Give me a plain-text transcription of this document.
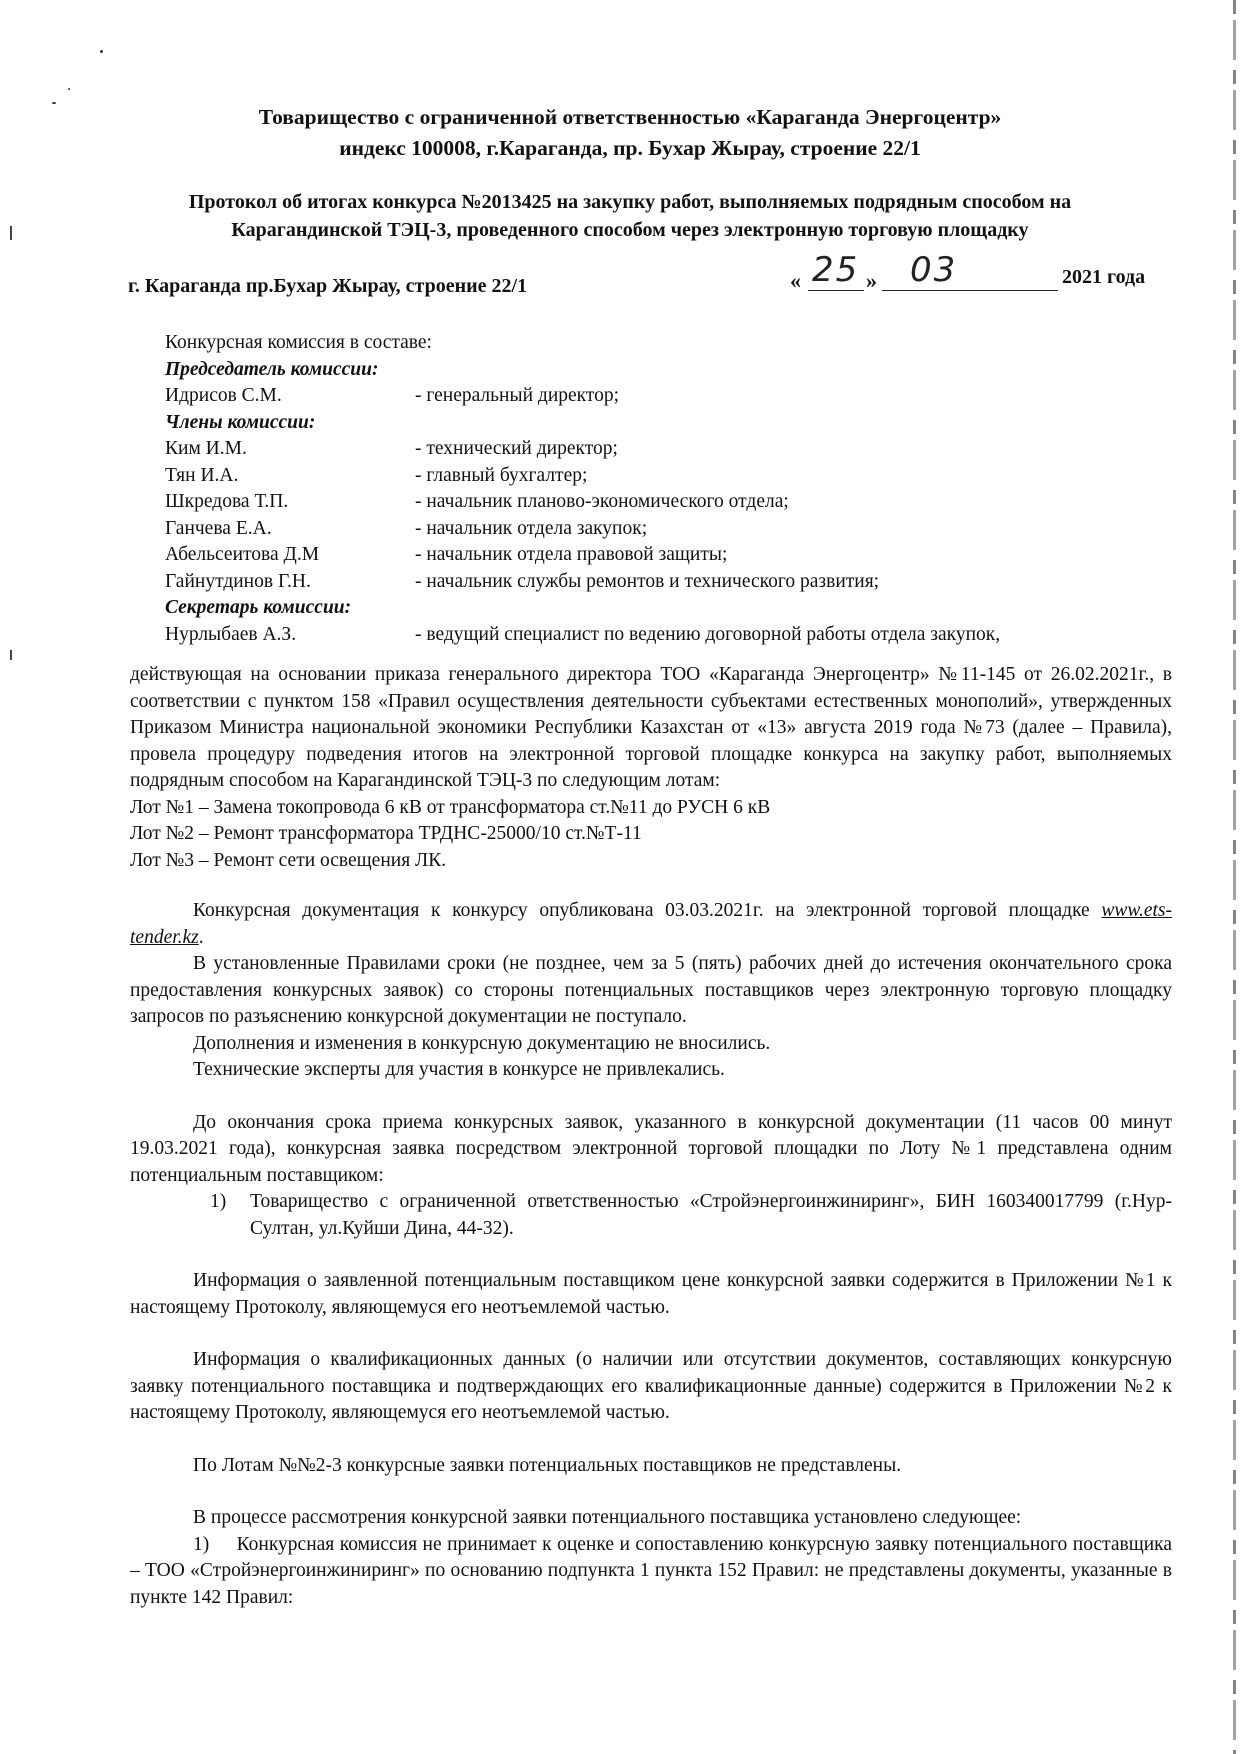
Товарищество с ограниченной ответственностью «Караганда Энергоцентр»
индекс 100008, г.Караганда, пр. Бухар Жырау, строение 22/1
Протокол об итогах конкурса №2013425 на закупку работ, выполняемых подрядным способом на
Карагандинской ТЭЦ-3, проведенного способом через электронную торговую площадку
г. Караганда пр.Бухар Жырау, строение 22/1	« 25 » 03	2021 года
Конкурсная комиссия в составе:
Председатель комиссии:
Идрисов С.М.	- генеральный директор;
Члены комиссии:
Ким И.М.	- технический директор;
Тян И.А.	- главный бухгалтер;
Шкредова Т.П.	- начальник планово-экономического отдела;
Ганчева Е.А.	- начальник отдела закупок;
Абельсеитова Д.М	- начальник отдела правовой защиты;
Гайнутдинов Г.Н.	- начальник службы ремонтов и технического развития;
Секретарь комиссии:
Нурлыбаев А.З.	- ведущий специалист по ведению договорной работы отдела закупок,

действующая на основании приказа генерального директора ТОО «Караганда Энергоцентр» №11-145 от 26.02.2021г., в соответствии с пунктом 158 «Правил осуществления деятельности субъектами естественных монополий», утвержденных Приказом Министра национальной экономики Республики Казахстан от «13» августа 2019 года №73 (далее – Правила), провела процедуру подведения итогов на электронной торговой площадке конкурса на закупку работ, выполняемых подрядным способом на Карагандинской ТЭЦ-3 по следующим лотам:

Лот №1 – Замена токопровода 6 кВ от трансформатора ст.№11 до РУСН 6 кВ
Лот №2 – Ремонт трансформатора ТРДНС-25000/10 ст.№Т-11
Лот №3 – Ремонт сети освещения ЛК.

Конкурсная документация к конкурсу опубликована 03.03.2021г. на электронной торговой площадке www.ets-tender.kz.

В установленные Правилами сроки (не позднее, чем за 5 (пять) рабочих дней до истечения окончательного срока предоставления конкурсных заявок) со стороны потенциальных поставщиков через электронную торговую площадку запросов по разъяснению конкурсной документации не поступало.

Дополнения и изменения в конкурсную документацию не вносились.

Технические эксперты для участия в конкурсе не привлекались.

До окончания срока приема конкурсных заявок, указанного в конкурсной документации (11 часов 00 минут 19.03.2021 года), конкурсная заявка посредством электронной торговой площадки по Лоту №1 представлена одним потенциальным поставщиком:

1)	Товарищество с ограниченной ответственностью «Стройэнергоинжиниринг», БИН 160340017799 (г.Нур-Султан, ул.Куйши Дина, 44-32).

Информация о заявленной потенциальным поставщиком цене конкурсной заявки содержится в Приложении №1 к настоящему Протоколу, являющемуся его неотъемлемой частью.

Информация о квалификационных данных (о наличии или отсутствии документов, составляющих конкурсную заявку потенциального поставщика и подтверждающих его квалификационные данные) содержится в Приложении №2 к настоящему Протоколу, являющемуся его неотъемлемой частью.

По Лотам №№2-3 конкурсные заявки потенциальных поставщиков не представлены.

В процессе рассмотрения конкурсной заявки потенциального поставщика установлено следующее:

1) Конкурсная комиссия не принимает к оценке и сопоставлению конкурсную заявку потенциального поставщика – ТОО «Стройэнергоинжиниринг» по основанию подпункта 1 пункта 152 Правил: не представлены документы, указанные в пункте 142 Правил:
